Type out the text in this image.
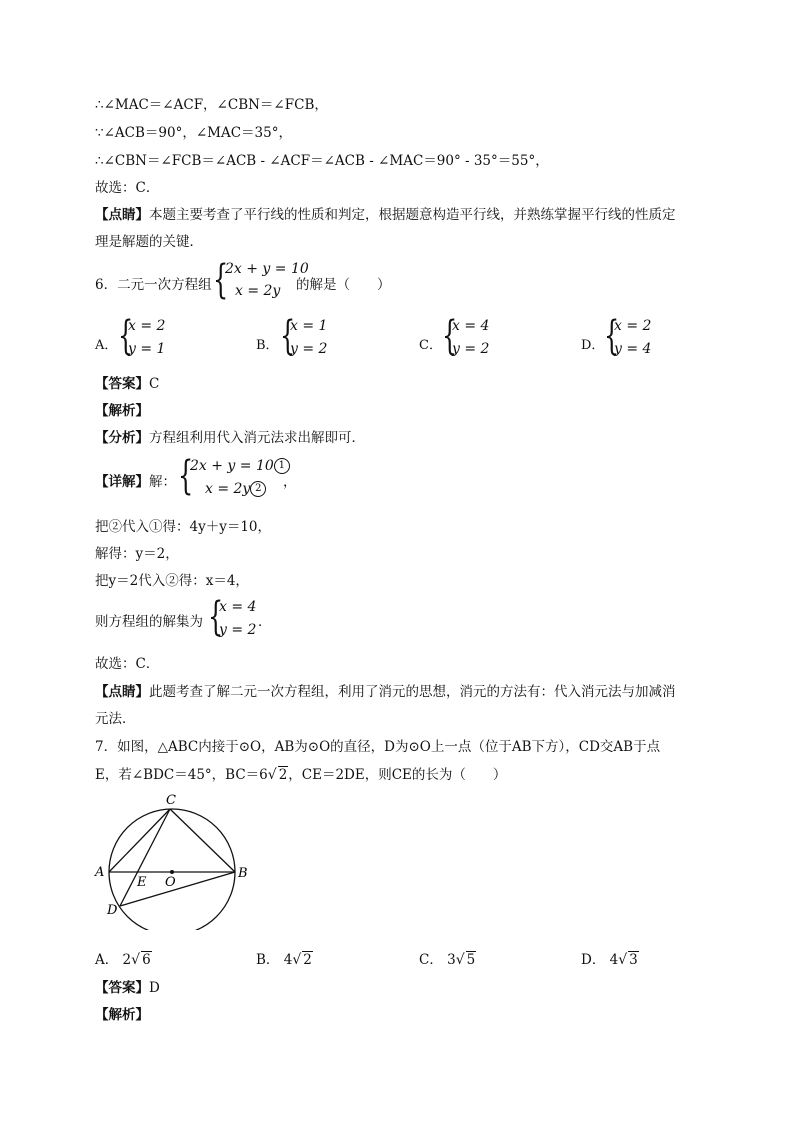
∴∠MAC＝∠ACF，∠CBN＝∠FCB，
∵∠ACB＝90°，∠MAC＝35°，
∴∠CBN＝∠FCB＝∠ACB - ∠ACF＝∠ACB - ∠MAC＝90° - 35°＝55°，
故选：C．
【点睛】本题主要考查了平行线的性质和判定，根据题意构造平行线，并熟练掌握平行线的性质定
理是解题的关键．
6．二元一次方程组 {
2x + y = 10
x = 2y 的解是（　　）
A． {
x = 2
y = 1	B． {
x = 1
y = 2	C． {
x = 4
y = 2	D． {
x = 2
y = 4
【答案】C
【解析】
【分析】方程组利用代入消元法求出解即可．
【详解】解： {
2x + y = 10 1
x = 2y 2	，
把②代入①得：4y＋y＝10，
解得：y＝2，
把y＝2代入②得：x＝4，
则方程组的解集为 {
x = 4
y = 2 ．
故选：C．
【点睛】此题考查了解二元一次方程组，利用了消元的思想，消元的方法有：代入消元法与加减消
元法．
7．如图，△ABC内接于⊙O，AB为⊙O的直径，D为⊙O上一点（位于AB下方），CD交AB于点
E，若∠BDC＝45°，BC＝6√ 2，CE＝2DE，则CE的长为（　　）
C
A	B
E O
D
A． 2√ 6	B． 4√ 2	C． 3√ 5	D． 4√ 3
【答案】D
【解析】
